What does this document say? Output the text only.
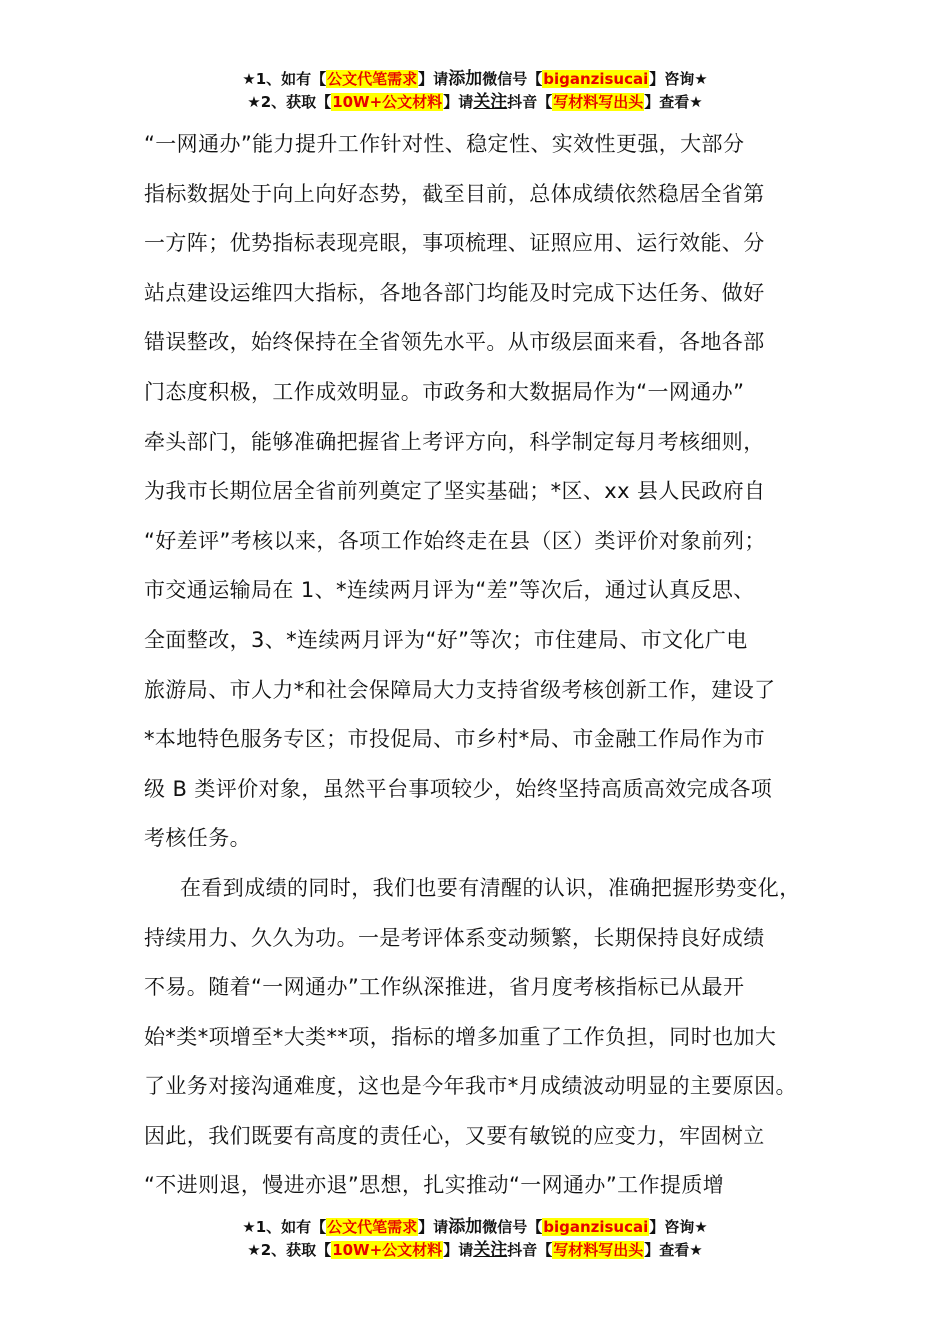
★1、如有【公文代笔需求】请添加微信号【biganzisucai】咨询★
★2、获取【10W+公文材料】请关注抖音【写材料写出头】查看★

“一网通办”能力提升工作针对性、稳定性、实效性更强，大部分
指标数据处于向上向好态势，截至目前，总体成绩依然稳居全省第
一方阵；优势指标表现亮眼，事项梳理、证照应用、运行效能、分
站点建设运维四大指标，各地各部门均能及时完成下达任务、做好
错误整改，始终保持在全省领先水平。从市级层面来看，各地各部
门态度积极，工作成效明显。市政务和大数据局作为“一网通办”
牵头部门，能够准确把握省上考评方向，科学制定每月考核细则，
为我市长期位居全省前列奠定了坚实基础；*区、xx 县人民政府自
“好差评”考核以来，各项工作始终走在县（区）类评价对象前列；
市交通运输局在 1、*连续两月评为“差”等次后，通过认真反思、
全面整改，3、*连续两月评为“好”等次；市住建局、市文化广电
旅游局、市人力*和社会保障局大力支持省级考核创新工作，建设了
*本地特色服务专区；市投促局、市乡村*局、市金融工作局作为市
级 B 类评价对象，虽然平台事项较少，始终坚持高质高效完成各项
考核任务。

在看到成绩的同时，我们也要有清醒的认识，准确把握形势变化，
持续用力、久久为功。一是考评体系变动频繁，长期保持良好成绩
不易。随着“一网通办”工作纵深推进，省月度考核指标已从最开
始*类*项增至*大类**项，指标的增多加重了工作负担，同时也加大
了业务对接沟通难度，这也是今年我市*月成绩波动明显的主要原因。
因此，我们既要有高度的责任心，又要有敏锐的应变力，牢固树立
“不进则退，慢进亦退”思想，扎实推动“一网通办”工作提质增

★1、如有【公文代笔需求】请添加微信号【biganzisucai】咨询★
★2、获取【10W+公文材料】请关注抖音【写材料写出头】查看★
